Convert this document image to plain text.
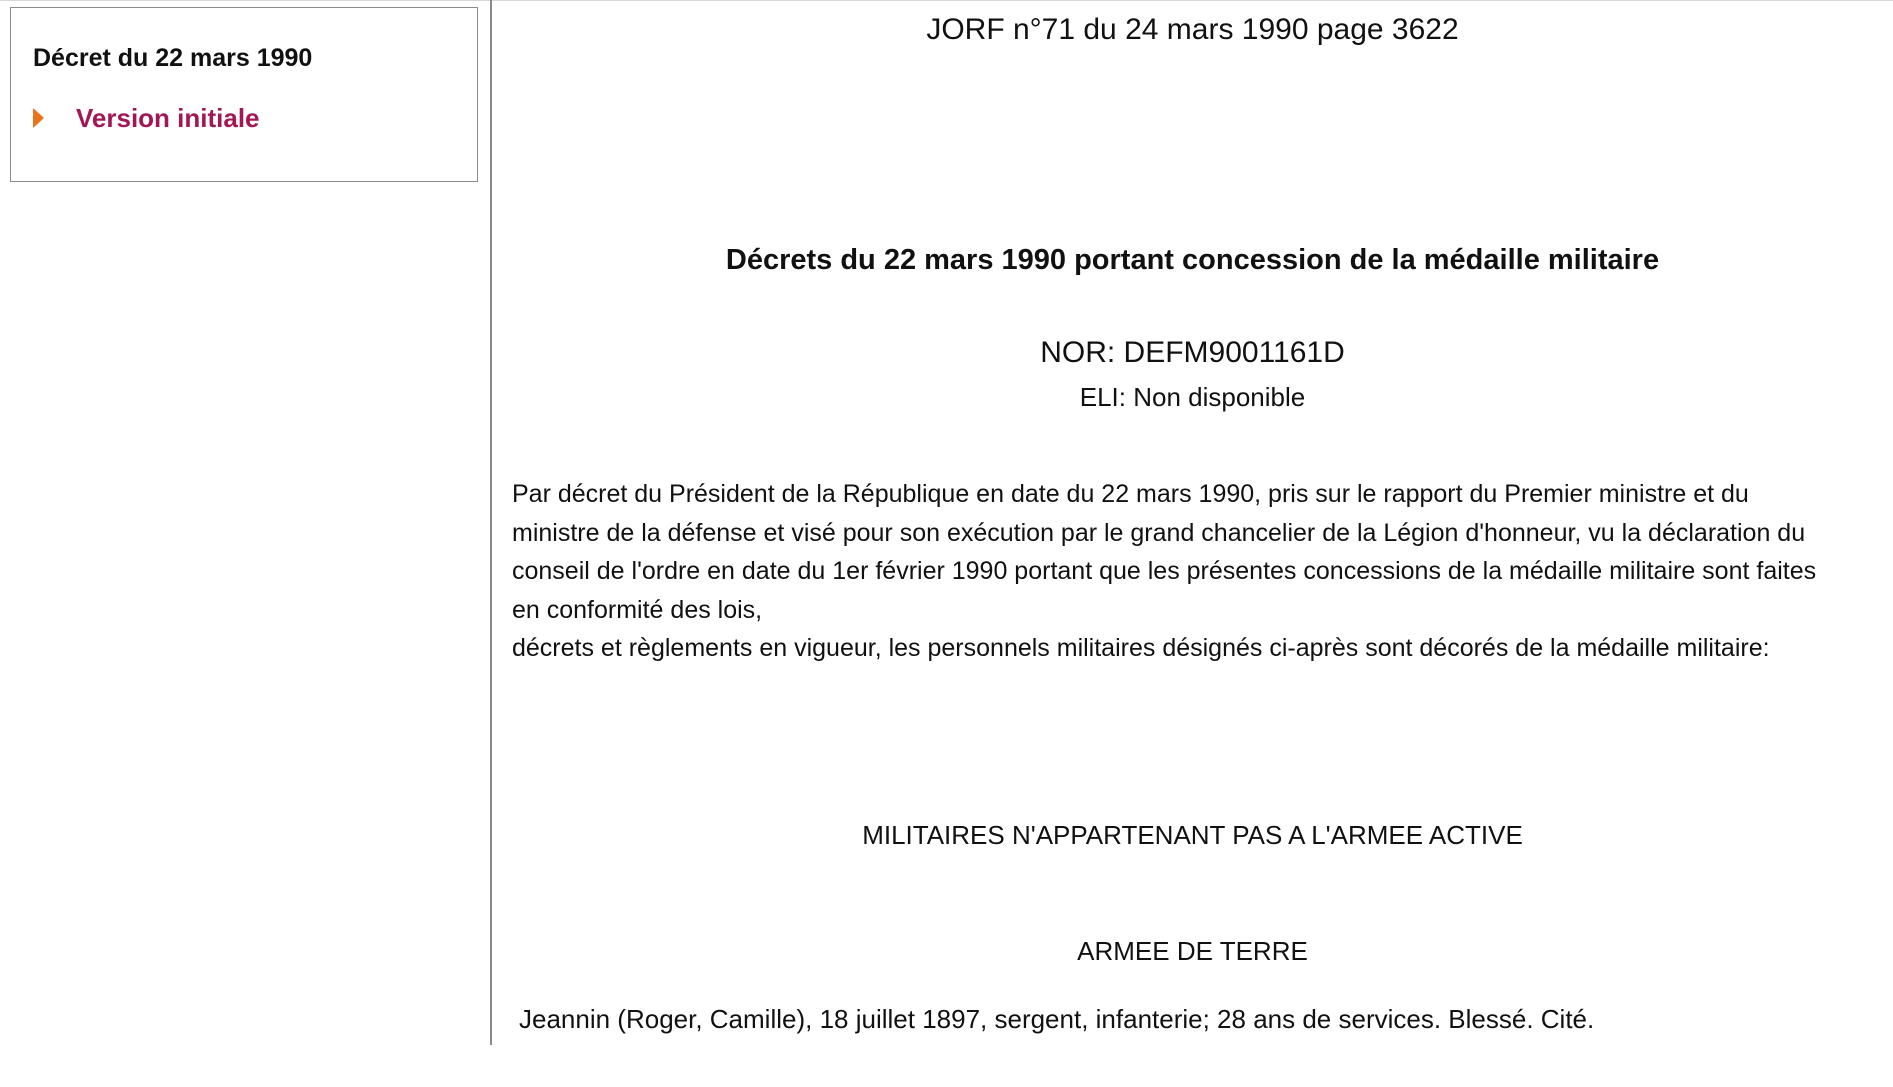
Décret du 22 mars 1990
Version initiale
JORF n°71 du 24 mars 1990 page 3622
Décrets du 22 mars 1990 portant concession de la médaille militaire
NOR: DEFM9001161D
ELI: Non disponible
Par décret du Président de la République en date du 22 mars 1990, pris sur le rapport du Premier ministre et du
ministre de la défense et visé pour son exécution par le grand chancelier de la Légion d'honneur, vu la déclaration du
conseil de l'ordre en date du 1er février 1990 portant que les présentes concessions de la médaille militaire sont faites
en conformité des lois,
décrets et règlements en vigueur, les personnels militaires désignés ci-après sont décorés de la médaille militaire:
MILITAIRES N'APPARTENANT PAS A L'ARMEE ACTIVE
ARMEE DE TERRE
Jeannin (Roger, Camille), 18 juillet 1897, sergent, infanterie; 28 ans de services. Blessé. Cité.
